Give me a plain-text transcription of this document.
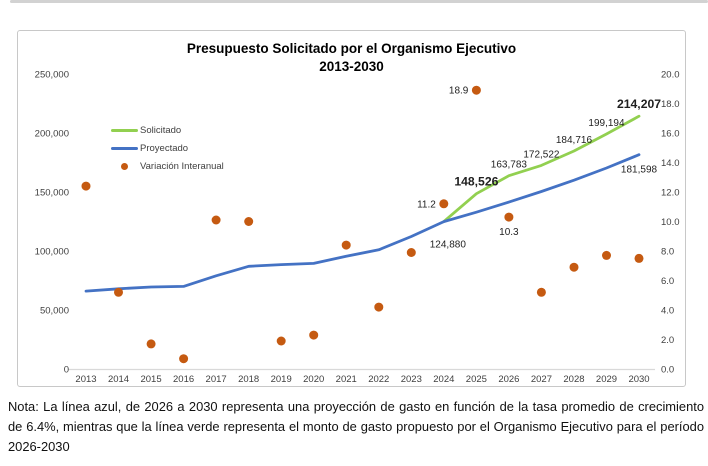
Presupuesto Solicitado por el Organismo Ejecutivo
2013-2030
0
50,000
100,000
150,000
200,000
250,000
0.0
2.0
4.0
6.0
8.0
10.0
12.0
14.0
16.0
18.0
20.0
2013 2014 2015 2016 2017 2018 2019 2020 2021 2022 2023 2024 2025 2026 2027 2028 2029 2030
124,880
148,526
163,783
172,522
184,716
199,194
214,207
181,598
11.2
18.9
10.3
Solicitado
Proyectado
Variación Interanual
Nota: La línea azul, de 2026 a 2030 representa una proyección de gasto en función de la tasa promedio de crecimiento de 6.4%, mientras que la línea verde representa el monto de gasto propuesto por el Organismo Ejecutivo para el período 2026-2030
